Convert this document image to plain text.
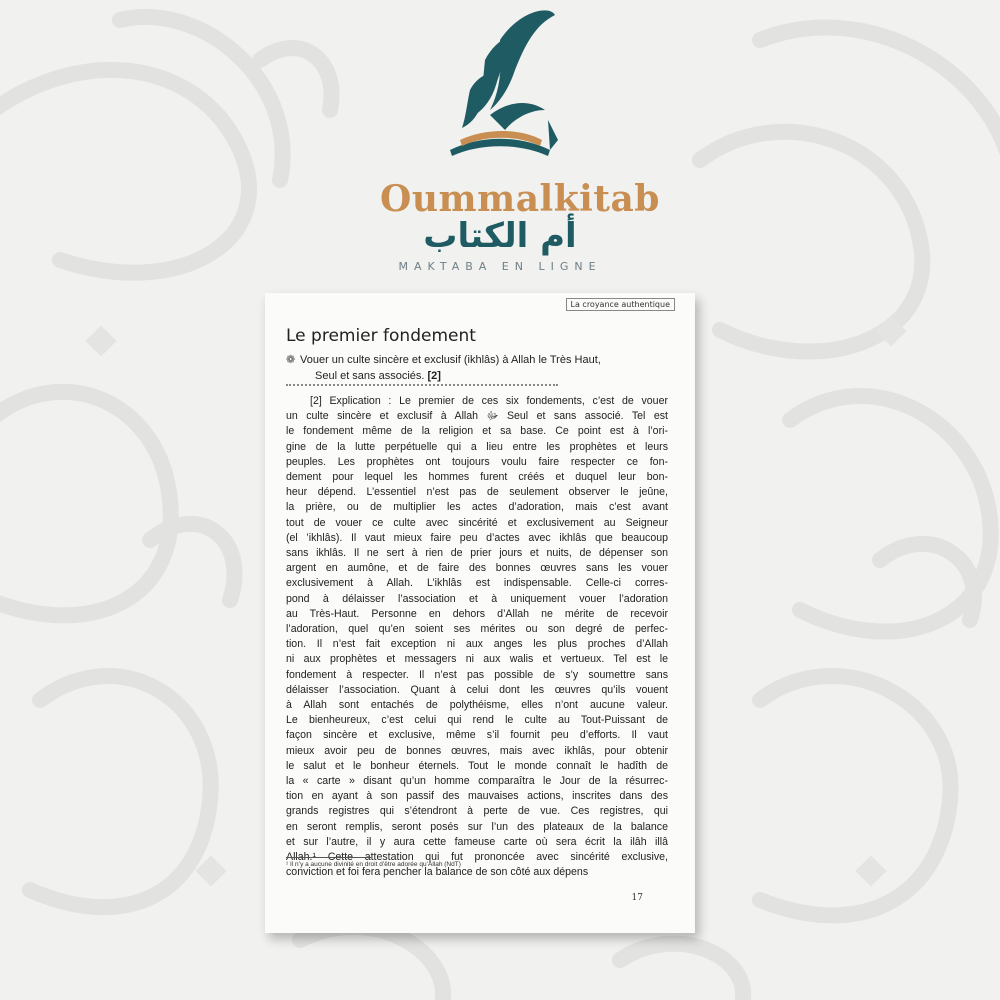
Oummalkitab
أم الكتاب
MAKTABA EN LIGNE
La croyance authentique
Le premier fondement
❁ Vouer un culte sincère et exclusif (ikhlâs) à Allah le Très Haut,
Seul et sans associés. [2]
[2] Explication : Le premier de ces six fondements, c’est de vouer
un culte sincère et exclusif à Allah ﷻ Seul et sans associé. Tel est
le fondement même de la religion et sa base. Ce point est à l’ori-
gine de la lutte perpétuelle qui a lieu entre les prophètes et leurs
peuples. Les prophètes ont toujours voulu faire respecter ce fon-
dement pour lequel les hommes furent créés et duquel leur bon-
heur dépend. L’essentiel n’est pas de seulement observer le jeûne,
la prière, ou de multiplier les actes d’adoration, mais c’est avant
tout de vouer ce culte avec sincérité et exclusivement au Seigneur
(el ’ikhlâs). Il vaut mieux faire peu d’actes avec ikhlâs que beaucoup
sans ikhlâs. Il ne sert à rien de prier jours et nuits, de dépenser son
argent en aumône, et de faire des bonnes œuvres sans les vouer
exclusivement à Allah. L’ikhlâs est indispensable. Celle-ci corres-
pond à délaisser l’association et à uniquement vouer l’adoration
au Très-Haut. Personne en dehors d’Allah ne mérite de recevoir
l’adoration, quel qu’en soient ses mérites ou son degré de perfec-
tion. Il n’est fait exception ni aux anges les plus proches d’Allah
ni aux prophètes et messagers ni aux walis et vertueux. Tel est le
fondement à respecter. Il n’est pas possible de s’y soumettre sans
délaisser l’association. Quant à celui dont les œuvres qu’ils vouent
à Allah sont entachés de polythéisme, elles n’ont aucune valeur.
Le bienheureux, c’est celui qui rend le culte au Tout-Puissant de
façon sincère et exclusive, même s’il fournit peu d’efforts. Il vaut
mieux avoir peu de bonnes œuvres, mais avec ikhlâs, pour obtenir
le salut et le bonheur éternels. Tout le monde connaît le hadîth de
la « carte » disant qu’un homme comparaîtra le Jour de la résurrec-
tion en ayant à son passif des mauvaises actions, inscrites dans des
grands registres qui s’étendront à perte de vue. Ces registres, qui
en seront remplis, seront posés sur l’un des plateaux de la balance
et sur l’autre, il y aura cette fameuse carte où sera écrit la ilâh illâ
Allah.¹ Cette attestation qui fut prononcée avec sincérité exclusive,
conviction et foi fera pencher la balance de son côté aux dépens
¹ Il n’y a aucune divinité en droit d’être adorée qu’Allah (NdT)
17
